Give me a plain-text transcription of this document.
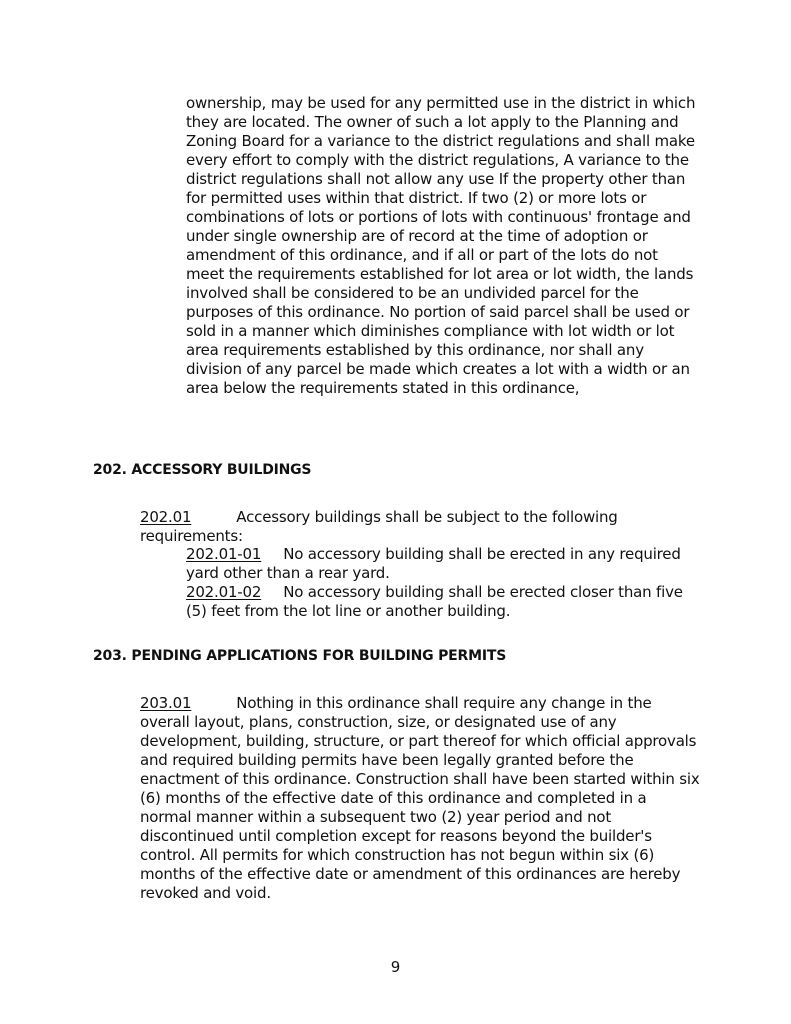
ownership, may be used for any permitted use in the district in which they are located. The owner of such a lot apply to the Planning and Zoning Board for a variance to the district regulations and shall make every effort to comply with the district regulations, A variance to the district regulations shall not allow any use If the property other than for permitted uses within that district. If two (2) or more lots or combinations of lots or portions of lots with continuous' frontage and under single ownership are of record at the time of adoption or amendment of this ordinance, and if all or part of the lots do not meet the requirements established for lot area or lot width, the lands involved shall be considered to be an undivided parcel for the purposes of this ordinance. No portion of said parcel shall be used or sold in a manner which diminishes compliance with lot width or lot area requirements established by this ordinance, nor shall any division of any parcel be made which creates a lot with a width or an area below the requirements stated in this ordinance,

202. ACCESSORY BUILDINGS

202.01	Accessory buildings shall be subject to the following requirements:

202.01-01 No accessory building shall be erected in any required yard other than a rear yard.

202.01-02 No accessory building shall be erected closer than five (5) feet from the lot line or another building.

203. PENDING APPLICATIONS FOR BUILDING PERMITS

203.01	Nothing in this ordinance shall require any change in the overall layout, plans, construction, size, or designated use of any development, building, structure, or part thereof for which official approvals and required building permits have been legally granted before the enactment of this ordinance. Construction shall have been started within six (6) months of the effective date of this ordinance and completed in a normal manner within a subsequent two (2) year period and not discontinued until completion except for reasons beyond the builder's control. All permits for which construction has not begun within six (6) months of the effective date or amendment of this ordinances are hereby revoked and void.

9
